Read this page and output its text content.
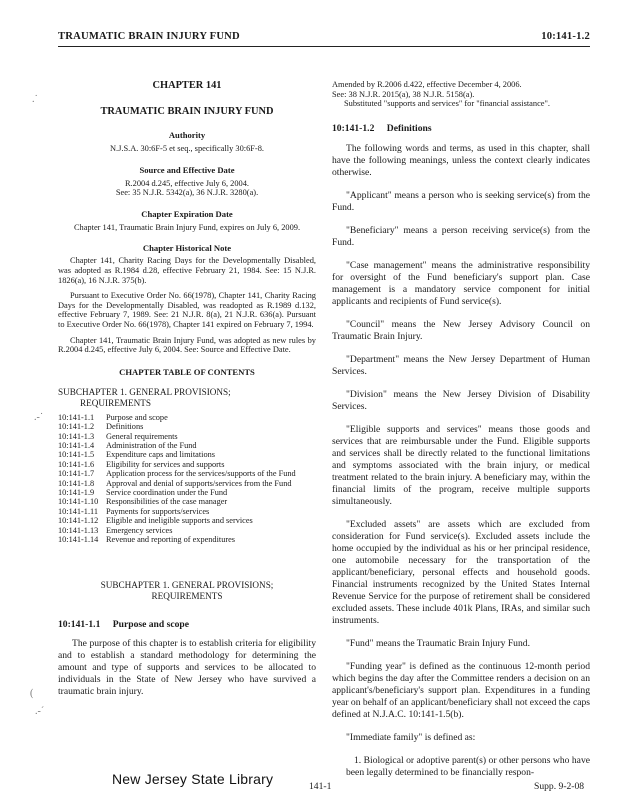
TRAUMATIC BRAIN INJURY FUND	10:141-1.2
.˙
.-˙
(
.-´
CHAPTER 141
TRAUMATIC BRAIN INJURY FUND
Authority
N.J.S.A. 30:6F-5 et seq., specifically 30:6F-8.
Source and Effective Date
R.2004 d.245, effective July 6, 2004.
See: 35 N.J.R. 5342(a), 36 N.J.R. 3280(a).
Chapter Expiration Date
Chapter 141, Traumatic Brain Injury Fund, expires on July 6, 2009.
Chapter Historical Note

Chapter 141, Charity Racing Days for the Developmentally Disabled, was adopted as R.1984 d.28, effective February 21, 1984. See: 15 N.J.R. 1826(a), 16 N.J.R. 375(b).

Pursuant to Executive Order No. 66(1978), Chapter 141, Charity Racing Days for the Developmentally Disabled, was readopted as R.1989 d.132, effective February 7, 1989. See: 21 N.J.R. 8(a), 21 N.J.R. 636(a). Pursuant to Executive Order No. 66(1978), Chapter 141 expired on February 7, 1994.

Chapter 141, Traumatic Brain Injury Fund, was adopted as new rules by R.2004 d.245, effective July 6, 2004. See: Source and Effective Date.

CHAPTER TABLE OF CONTENTS
SUBCHAPTER 1. GENERAL PROVISIONS;
REQUIREMENTS
10:141-1.1	Purpose and scope
10:141-1.2	Definitions
10:141-1.3	General requirements
10:141-1.4	Administration of the Fund
10:141-1.5	Expenditure caps and limitations
10:141-1.6	Eligibility for services and supports
10:141-1.7	Application process for the services/supports of the Fund
10:141-1.8	Approval and denial of supports/services from the Fund
10:141-1.9	Service coordination under the Fund
10:141-1.10 Responsibilities of the case manager
10:141-1.11 Payments for supports/services
10:141-1.12 Eligible and ineligible supports and services
10:141-1.13 Emergency services
10:141-1.14 Revenue and reporting of expenditures
SUBCHAPTER 1. GENERAL PROVISIONS;
REQUIREMENTS
10:141-1.1 Purpose and scope

The purpose of this chapter is to establish criteria for eligibility and to establish a standard methodology for determining the amount and type of supports and services to be allocated to individuals in the State of New Jersey who have survived a traumatic brain injury.

Amended by R.2006 d.422, effective December 4, 2006.
See: 38 N.J.R. 2015(a), 38 N.J.R. 5158(a).
Substituted "supports and services" for "financial assistance".
10:141-1.2 Definitions

The following words and terms, as used in this chapter, shall have the following meanings, unless the context clearly indicates otherwise.

"Applicant" means a person who is seeking service(s) from the Fund.

"Beneficiary" means a person receiving service(s) from the Fund.

"Case management" means the administrative responsibility for oversight of the Fund beneficiary's support plan. Case management is a mandatory service component for initial applicants and recipients of Fund service(s).

"Council" means the New Jersey Advisory Council on Traumatic Brain Injury.

"Department" means the New Jersey Department of Human Services.

"Division" means the New Jersey Division of Disability Services.

"Eligible supports and services" means those goods and services that are reimbursable under the Fund. Eligible supports and services shall be directly related to the functional limitations and symptoms associated with the brain injury, or medical treatment related to the brain injury. A beneficiary may, within the financial limits of the program, receive multiple supports simultaneously.

"Excluded assets" are assets which are excluded from consideration for Fund service(s). Excluded assets include the home occupied by the individual as his or her principal residence, one automobile necessary for the transportation of the applicant/beneficiary, personal effects and household goods. Financial instruments recognized by the United States Internal Revenue Service for the purpose of retirement shall be considered excluded assets. These include 401k Plans, IRAs, and similar such instruments.

"Fund" means the Traumatic Brain Injury Fund.

"Funding year" is defined as the continuous 12-month period which begins the day after the Committee renders a decision on an applicant's/beneficiary's support plan. Expenditures in a funding year on behalf of an applicant/beneficiary shall not exceed the caps defined at N.J.A.C. 10:141-1.5(b).

"Immediate family" is defined as:

1. Biological or adoptive parent(s) or other persons who have been legally determined to be financially respon-

New Jersey State Library	141-1	Supp. 9-2-08
